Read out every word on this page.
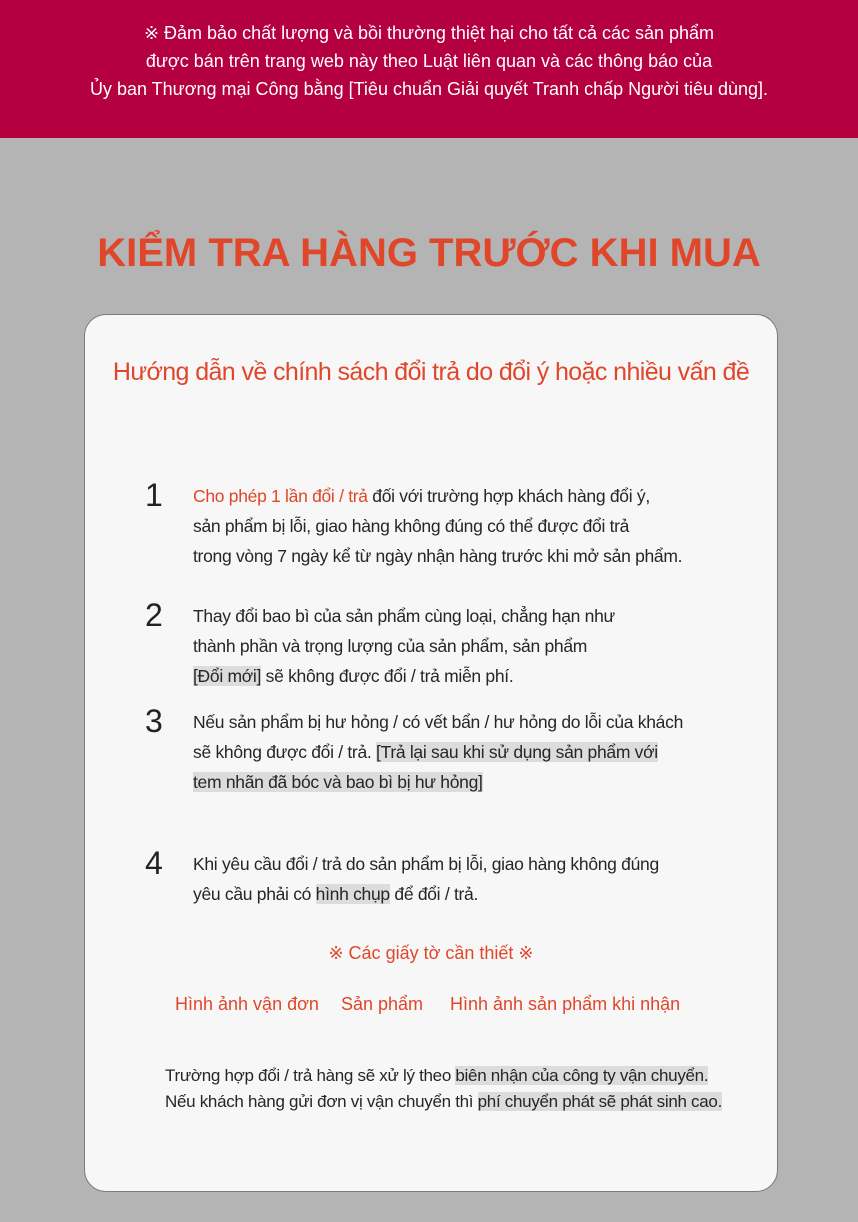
※ Đảm bảo chất lượng và bồi thường thiệt hại cho tất cả các sản phẩm
được bán trên trang web này theo Luật liên quan và các thông báo của
Ủy ban Thương mại Công bằng [Tiêu chuẩn Giải quyết Tranh chấp Người tiêu dùng].
KIỂM TRA HÀNG TRƯỚC KHI MUA
Hướng dẫn về chính sách đổi trả do đổi ý hoặc nhiều vấn đề
1 Cho phép 1 lần đổi / trả đối với trường hợp khách hàng đổi ý,
sản phẩm bị lỗi, giao hàng không đúng có thể được đổi trả
trong vòng 7 ngày kể từ ngày nhận hàng trước khi mở sản phẩm.
2 Thay đổi bao bì của sản phẩm cùng loại, chẳng hạn như
thành phần và trọng lượng của sản phẩm, sản phẩm
[Đổi mới] sẽ không được đổi / trả miễn phí.
3 Nếu sản phẩm bị hư hỏng / có vết bẩn / hư hỏng do lỗi của khách
sẽ không được đổi / trả. [Trả lại sau khi sử dụng sản phẩm với
tem nhãn đã bóc và bao bì bị hư hỏng]
4 Khi yêu cầu đổi / trả do sản phẩm bị lỗi, giao hàng không đúng
yêu cầu phải có hình chụp để đổi / trả.
※ Các giấy tờ cần thiết ※
Hình ảnh vận đơn Sản phẩm Hình ảnh sản phẩm khi nhận
Trường hợp đổi / trả hàng sẽ xử lý theo biên nhận của công ty vận chuyển.
Nếu khách hàng gửi đơn vị vận chuyển thì phí chuyển phát sẽ phát sinh cao.
